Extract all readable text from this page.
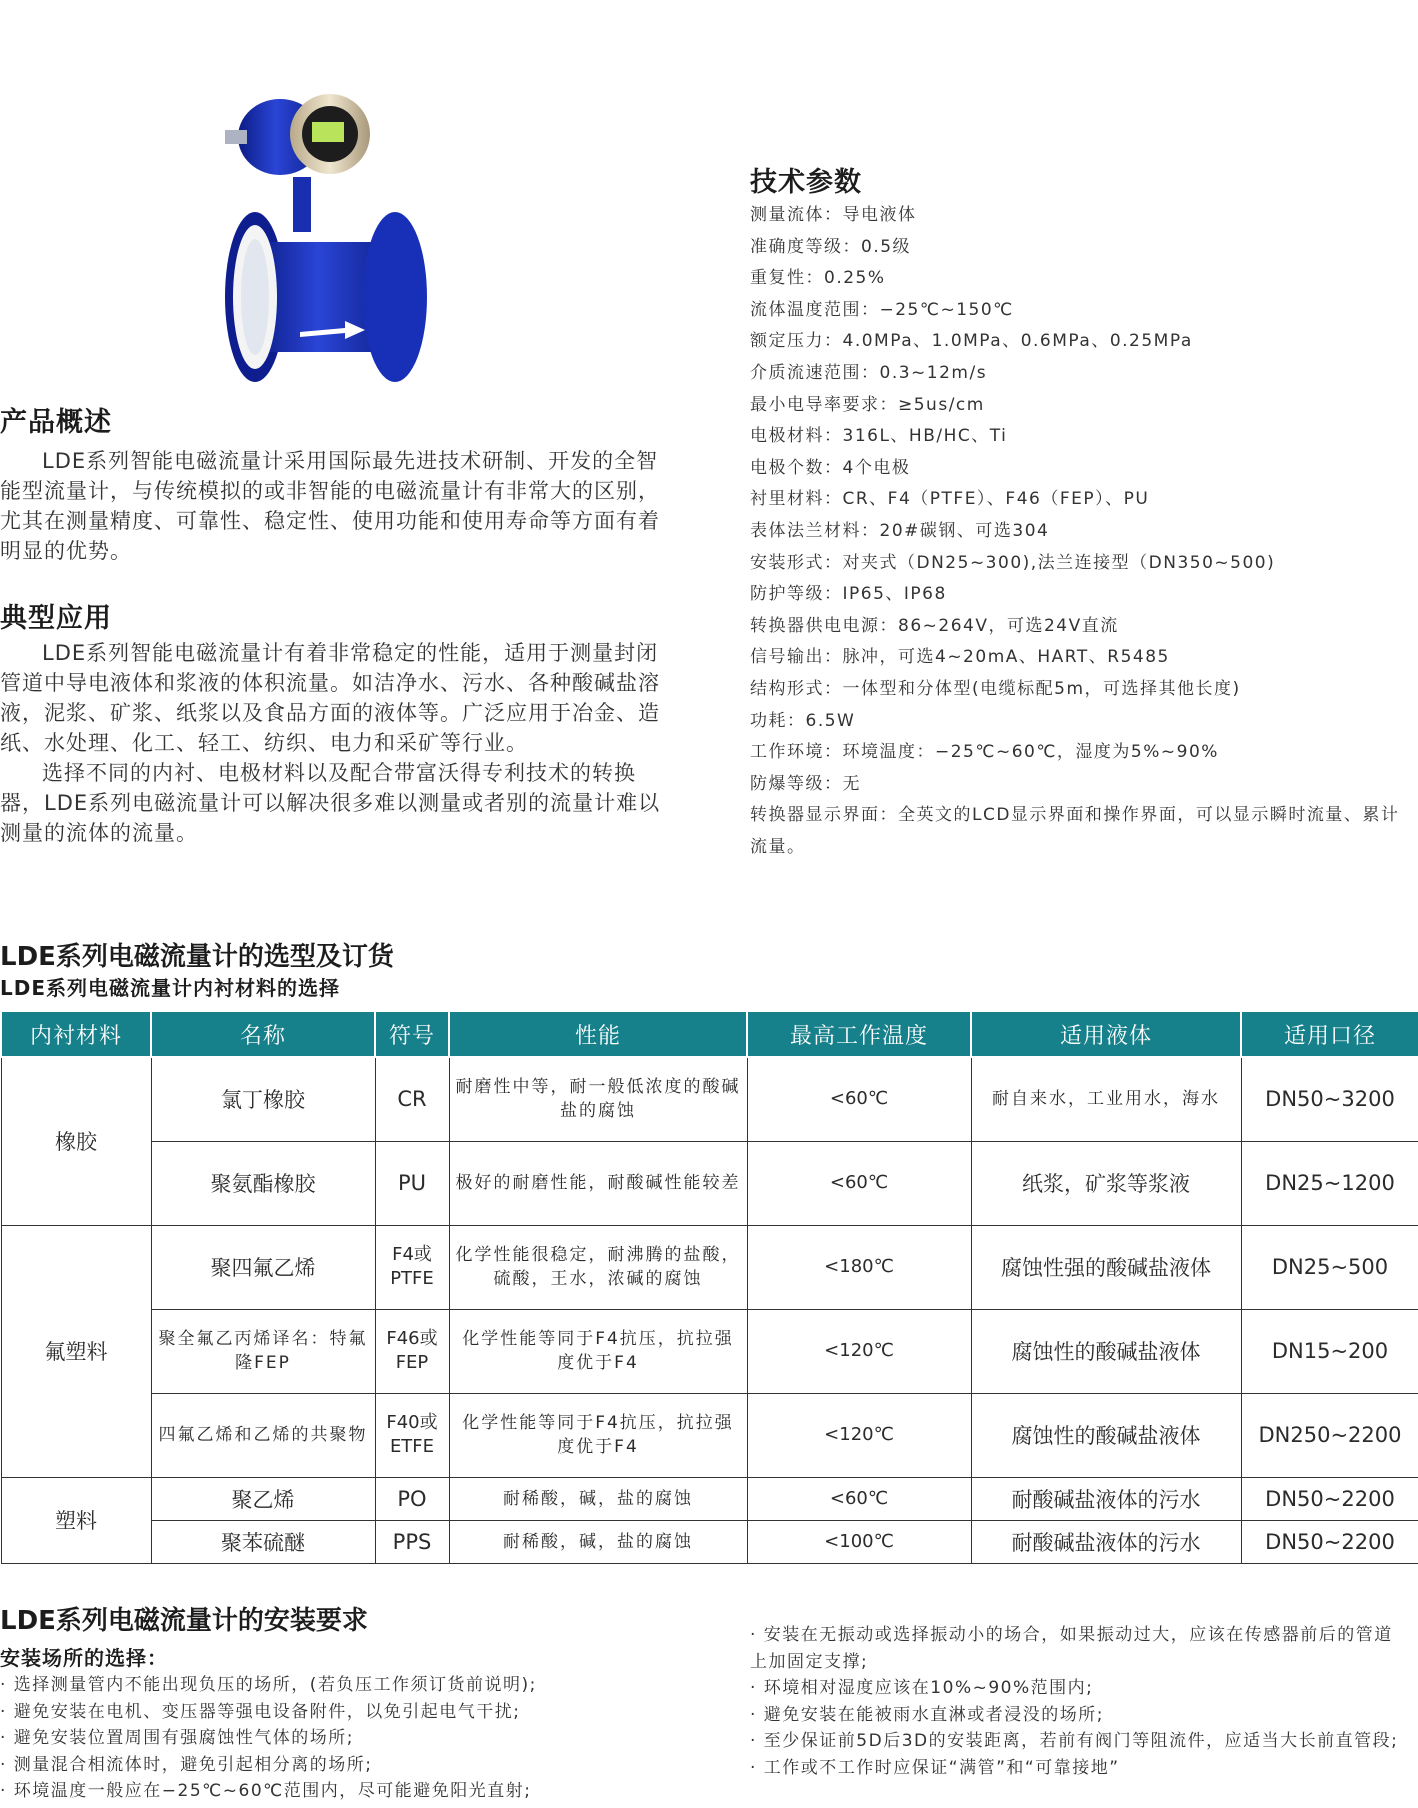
产品概述

LDE系列智能电磁流量计采用国际最先进技术研制、开发的全智能型流量计，与传统模拟的或非智能的电磁流量计有非常大的区别，尤其在测量精度、可靠性、稳定性、使用功能和使用寿命等方面有着明显的优势。

典型应用

LDE系列智能电磁流量计有着非常稳定的性能，适用于测量封闭管道中导电液体和浆液的体积流量。如洁净水、污水、各种酸碱盐溶液，泥浆、矿浆、纸浆以及食品方面的液体等。广泛应用于冶金、造纸、水处理、化工、轻工、纺织、电力和采矿等行业。

选择不同的内衬、电极材料以及配合带富沃得专利技术的转换器，LDE系列电磁流量计可以解决很多难以测量或者别的流量计难以测量的流体的流量。

技术参数
测量流体：导电液体
准确度等级：0.5级
重复性：0.25%
流体温度范围：−25℃~150℃
额定压力：4.0MPa、1.0MPa、0.6MPa、0.25MPa
介质流速范围：0.3~12m/s
最小电导率要求：≥5us/cm
电极材料：316L、HB/HC、Ti
电极个数：4个电极
衬里材料：CR、F4（PTFE）、F46（FEP）、PU
表体法兰材料：20#碳钢、可选304
安装形式：对夹式（DN25~300),法兰连接型（DN350~500)
防护等级：IP65、IP68
转换器供电电源：86~264V，可选24V直流
信号输出：脉冲，可选4~20mA、HART、R5485
结构形式：一体型和分体型(电缆标配5m，可选择其他长度)
功耗：6.5W
工作环境：环境温度：−25℃~60℃，湿度为5%~90%
防爆等级：无
转换器显示界面：全英文的LCD显示界面和操作界面，可以显示瞬时流量、累计流量。
LDE系列电磁流量计的选型及订货
LDE系列电磁流量计内衬材料的选择
内衬材料	名称	符号	性能	最高工作温度	适用液体	适用口径
橡胶	氯丁橡胶	CR	耐磨性中等，耐一般低浓度的酸碱盐的腐蚀	<60℃	耐自来水，工业用水，海水	DN50~3200
	聚氨酯橡胶	PU	极好的耐磨性能，耐酸碱性能较差	<60℃	纸浆，矿浆等浆液	DN25~1200
氟塑料	聚四氟乙烯	F4或PTFE	化学性能很稳定，耐沸腾的盐酸，硫酸，王水，浓碱的腐蚀	<180℃	腐蚀性强的酸碱盐液体	DN25~500
	聚全氟乙丙烯译名：特氟隆FEP	F46或FEP	化学性能等同于F4抗压，抗拉强度优于F4	<120℃	腐蚀性的酸碱盐液体	DN15~200
	四氟乙烯和乙烯的共聚物	F40或ETFE	化学性能等同于F4抗压，抗拉强度优于F4	<120℃	腐蚀性的酸碱盐液体	DN250~2200
塑料	聚乙烯	PO	耐稀酸，碱，盐的腐蚀	<60℃	耐酸碱盐液体的污水	DN50~2200
	聚苯硫醚	PPS	耐稀酸，碱，盐的腐蚀	<100℃	耐酸碱盐液体的污水	DN50~2200
LDE系列电磁流量计的安装要求
安装场所的选择：
· 选择测量管内不能出现负压的场所，(若负压工作须订货前说明);
· 避免安装在电机、变压器等强电设备附件，以免引起电气干扰;
· 避免安装位置周围有强腐蚀性气体的场所;
· 测量混合相流体时，避免引起相分离的场所;
· 环境温度一般应在−25℃~60℃范围内，尽可能避免阳光直射;
· 安装在无振动或选择振动小的场合，如果振动过大，应该在传感器前后的管道上加固定支撑;
· 环境相对湿度应该在10%~90%范围内;
· 避免安装在能被雨水直淋或者浸没的场所;
· 至少保证前5D后3D的安装距离，若前有阀门等阻流件，应适当大长前直管段;
· 工作或不工作时应保证“满管”和“可靠接地”
